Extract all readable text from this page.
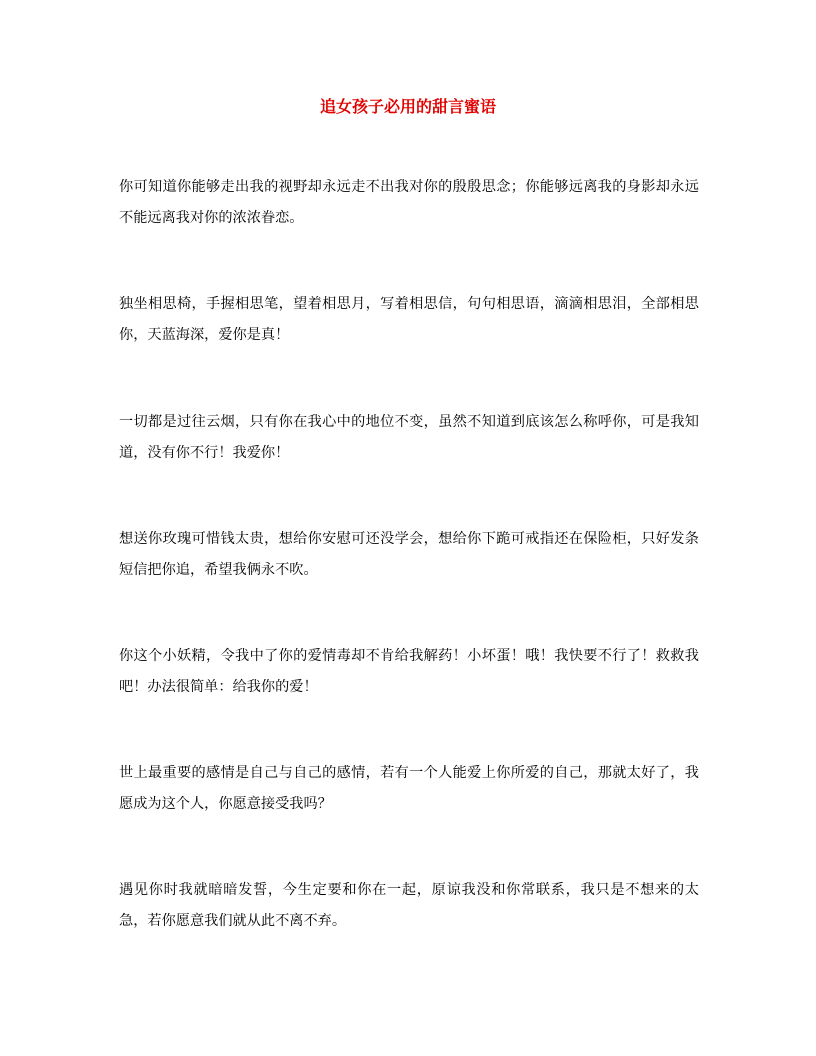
追女孩子必用的甜言蜜语
你可知道你能够走出我的视野却永远走不出我对你的殷殷思念；你能够远离我的身影却永远不能远离我对你的浓浓眷恋。
独坐相思椅，手握相思笔，望着相思月，写着相思信，句句相思语，滴滴相思泪，全部相思你，天蓝海深，爱你是真！
一切都是过往云烟，只有你在我心中的地位不变，虽然不知道到底该怎么称呼你，可是我知道，没有你不行！我爱你！
想送你玫瑰可惜钱太贵，想给你安慰可还没学会，想给你下跪可戒指还在保险柜，只好发条短信把你追，希望我俩永不吹。
你这个小妖精，令我中了你的爱情毒却不肯给我解药！小坏蛋！哦！我快要不行了！救救我吧！办法很简单：给我你的爱！
世上最重要的感情是自己与自己的感情，若有一个人能爱上你所爱的自己，那就太好了，我愿成为这个人，你愿意接受我吗？
遇见你时我就暗暗发誓，今生定要和你在一起，原谅我没和你常联系，我只是不想来的太急，若你愿意我们就从此不离不弃。
